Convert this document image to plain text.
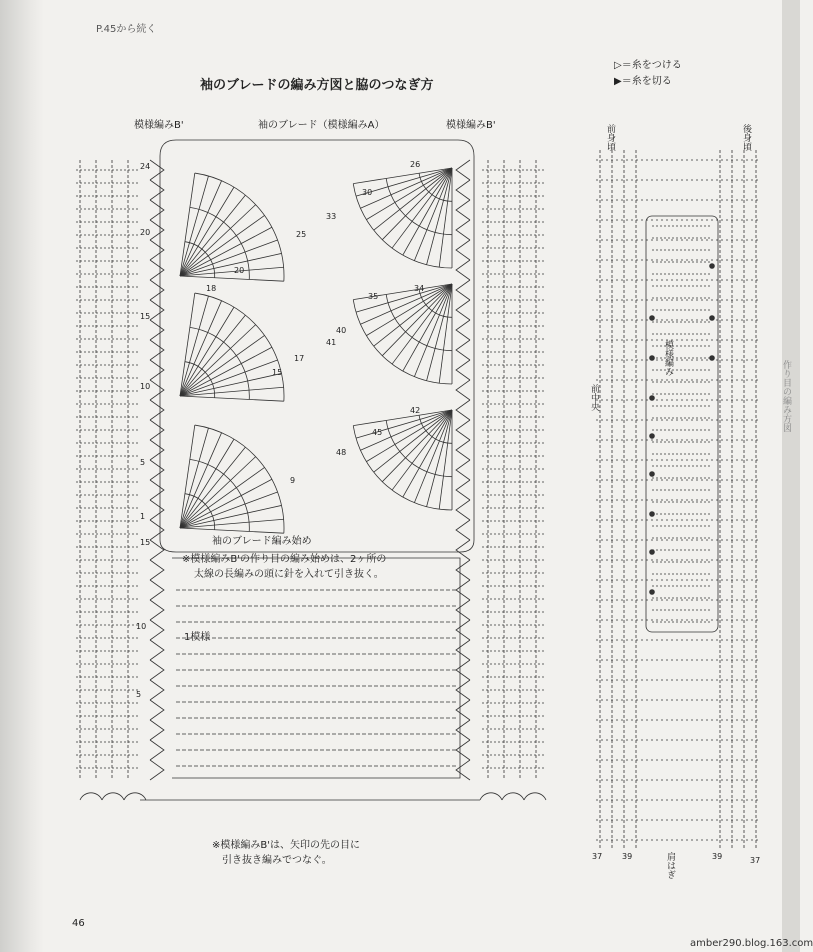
P.45から続く
袖のブレードの編み方図と脇のつなぎ方
▷＝糸をつける
▶＝糸を切る
模様編みB'	袖のブレード（模様編みA）	模様編みB'
24
20
15
10
5
1
15
10
5
25
20
18
17
15
9
26
30
33
35
34
40
41
42
45
48
袖のブレード編み始め
※模様編みB'の作り目の編み始めは、2ヶ所の
太線の長編みの頭に針を入れて引き抜く。
1模様
※模様編みB'は、矢印の先の目に
引き抜き編みでつなぐ。
前身頃	後身頃
前中央
模様編み
37 39	肩はぎ	39	37
作り目の編み方図
46
amber290.blog.163.com
